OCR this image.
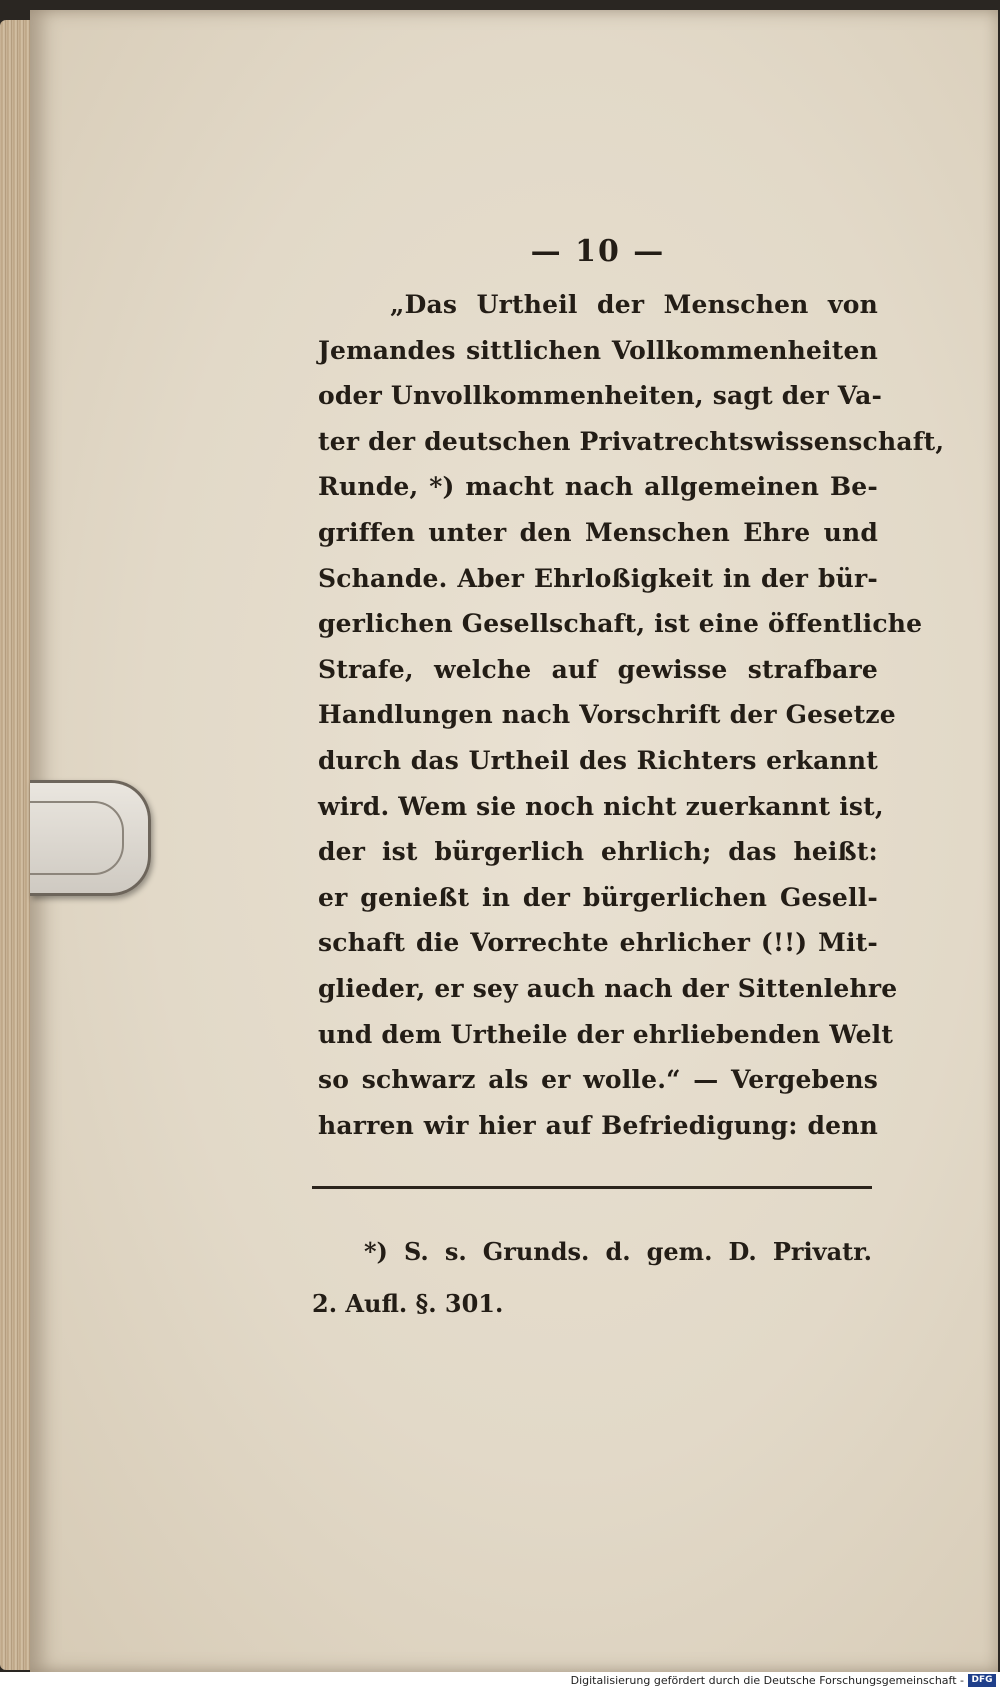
— 10 —
„Das Urtheil der Menschen von
Jemandes sittlichen Vollkommenheiten
oder Unvollkommenheiten, sagt der Va-
ter der deutschen Privatrechtswissenschaft,
Runde, *) macht nach allgemeinen Be-
griffen unter den Menschen Ehre und
Schande. Aber Ehrloßigkeit in der bür-
gerlichen Gesellschaft, ist eine öffentliche
Strafe, welche auf gewisse strafbare
Handlungen nach Vorschrift der Gesetze
durch das Urtheil des Richters erkannt
wird. Wem sie noch nicht zuerkannt ist,
der ist bürgerlich ehrlich; das heißt:
er genießt in der bürgerlichen Gesell-
schaft die Vorrechte ehrlicher (!!) Mit-
glieder, er sey auch nach der Sittenlehre
und dem Urtheile der ehrliebenden Welt
so schwarz als er wolle.“ — Vergebens
harren wir hier auf Befriedigung: denn
*) S. s. Grunds. d. gem. D. Privatr.
2. Aufl. §. 301.
Digitalisierung gefördert durch die Deutsche Forschungsgemeinschaft - DFG
